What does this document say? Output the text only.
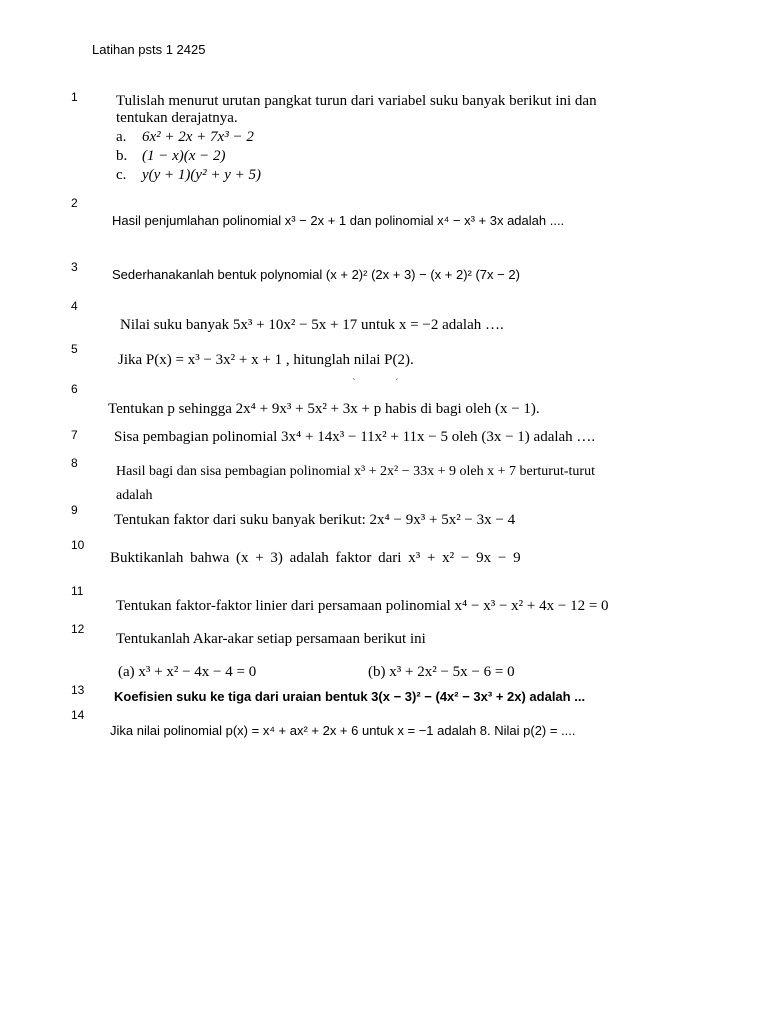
Latihan psts 1 2425
1	Tulislah menurut urutan pangkat turun dari variabel suku banyak berikut ini dan
tentukan derajatnya.
a. 6x² + 2x + 7x³ − 2
b. (1 − x)(x − 2)
c. y(y + 1)(y² + y + 5)
2
Hasil penjumlahan polinomial x³ − 2x + 1 dan polinomial x⁴ − x³ + 3x adalah ....
3	Sederhanakanlah bentuk polynomial (x + 2)² (2x + 3) − (x + 2)² (7x − 2)
4
Nilai suku banyak 5x³ + 10x² − 5x + 17 untuk x = −2 adalah ….
5
Jika P(x) = x³ − 3x² + x + 1 , hitunglah nilai P(2).
`	´
6
Tentukan p sehingga 2x⁴ + 9x³ + 5x² + 3x + p habis di bagi oleh (x − 1).
7 Sisa pembagian polinomial 3x⁴ + 14x³ − 11x² + 11x − 5 oleh (3x − 1) adalah ….
8
Hasil bagi dan sisa pembagian polinomial x³ + 2x² − 33x + 9 oleh x + 7 berturut-turut
adalah
9
Tentukan faktor dari suku banyak berikut: 2x⁴ − 9x³ + 5x² − 3x − 4
10
Buktikanlah bahwa (x + 3) adalah faktor dari x³ + x² − 9x − 9
11
Tentukan faktor-faktor linier dari persamaan polinomial x⁴ − x³ − x² + 4x − 12 = 0
12
Tentukanlah Akar-akar setiap persamaan berikut ini
(a) x³ + x² − 4x − 4 = 0	(b) x³ + 2x² − 5x − 6 = 0
13 Koefisien suku ke tiga dari uraian bentuk 3(x − 3)² − (4x² − 3x³ + 2x) adalah ...
14
Jika nilai polinomial p(x) = x⁴ + ax² + 2x + 6 untuk x = −1 adalah 8. Nilai p(2) = ....
